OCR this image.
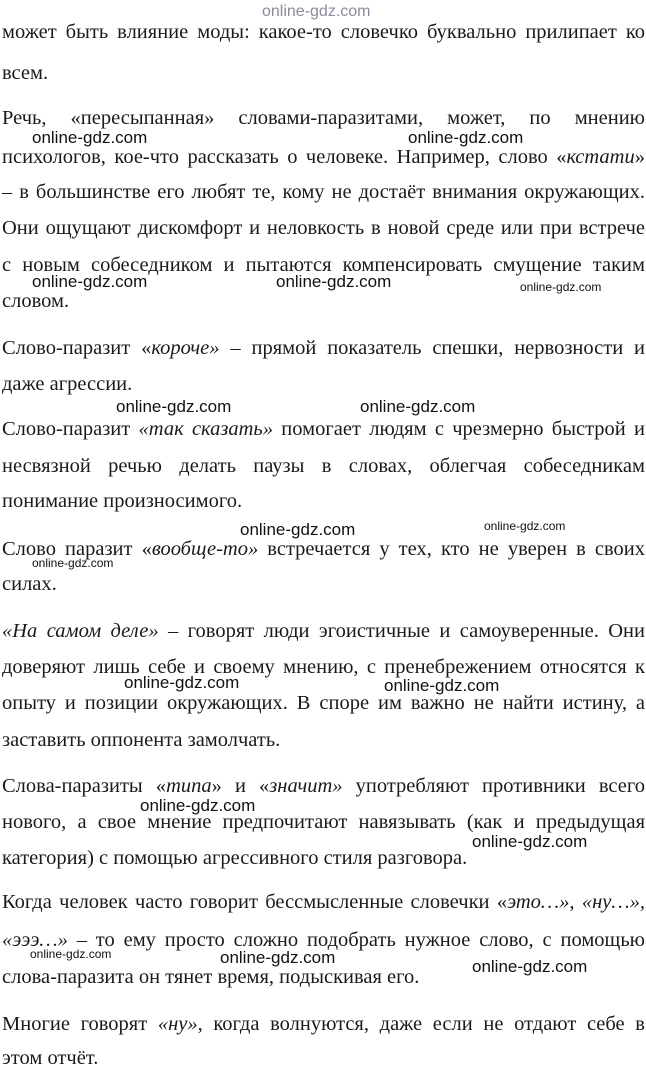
может быть влияние моды: какое-то словечко буквально прилипает ко

всем.

Речь, «пересыпанная» словами-паразитами, может, по мнению

психологов, кое-что рассказать о человеке. Например, слово «кстати»

– в большинстве его любят те, кому не достаёт внимания окружающих.

Они ощущают дискомфорт и неловкость в новой среде или при встрече

с новым собеседником и пытаются компенсировать смущение таким

словом.

Слово-паразит «короче» – прямой показатель спешки, нервозности и

даже агрессии.

Слово-паразит «так сказать» помогает людям с чрезмерно быстрой и

несвязной речью делать паузы в словах, облегчая собеседникам

понимание произносимого.

Слово паразит «вообще-то» встречается у тех, кто не уверен в своих

силах.

«На самом деле» – говорят люди эгоистичные и самоуверенные. Они

доверяют лишь себе и своему мнению, с пренебрежением относятся к

опыту и позиции окружающих. В споре им важно не найти истину, а

заставить оппонента замолчать.

Слова-паразиты «типа» и «значит» употребляют противники всего

нового, а свое мнение предпочитают навязывать (как и предыдущая

категория) с помощью агрессивного стиля разговора.

Когда человек часто говорит бессмысленные словечки «это…», «ну…»,

«эээ…» – то ему просто сложно подобрать нужное слово, с помощью

слова-паразита он тянет время, подыскивая его.

Многие говорят «ну», когда волнуются, даже если не отдают себе в

этом отчёт.

online-gdz.com
online-gdz.com	online-gdz.com
online-gdz.com	online-gdz.com	online-gdz.com
online-gdz.com	online-gdz.com
online-gdz.com	online-gdz.com
online-gdz.com
online-gdz.com	online-gdz.com
online-gdz.com
online-gdz.com
online-gdz.com	online-gdz.com	online-gdz.com
